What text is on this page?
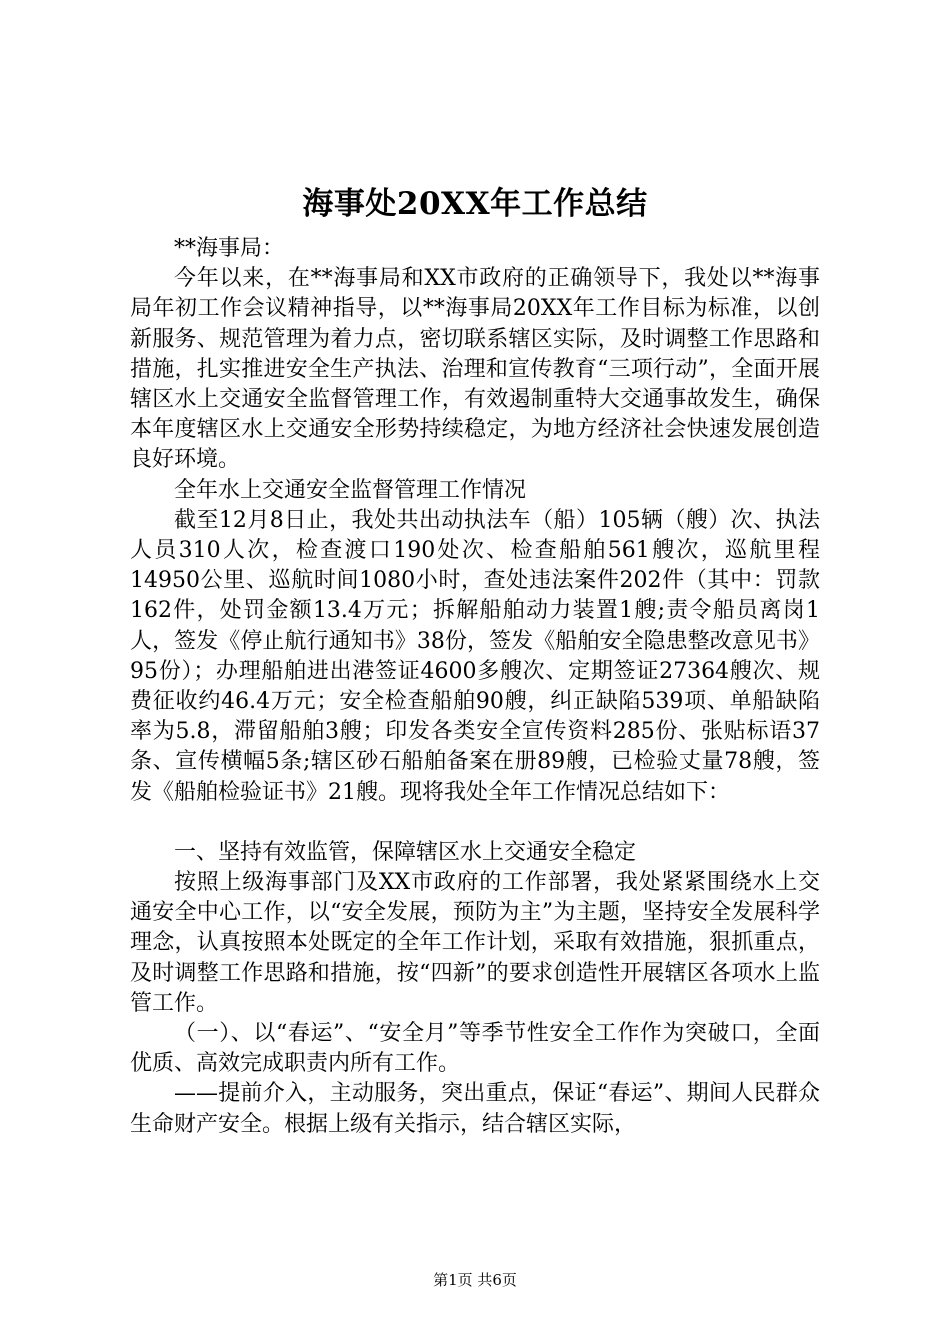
海事处20XX年工作总结

**海事局：

今年以来，在**海事局和XX市政府的正确领导下，我处以**海事局年初工作会议精神指导，以**海事局20XX年工作目标为标准，以创新服务、规范管理为着力点，密切联系辖区实际，及时调整工作思路和措施，扎实推进安全生产执法、治理和宣传教育“三项行动”，全面开展辖区水上交通安全监督管理工作，有效遏制重特大交通事故发生，确保本年度辖区水上交通安全形势持续稳定，为地方经济社会快速发展创造良好环境。

全年水上交通安全监督管理工作情况

截至12月8日止，我处共出动执法车（船）105辆（艘）次、执法人员310人次，检查渡口190处次、检查船舶561艘次，巡航里程14950公里、巡航时间1080小时，查处违法案件202件（其中：罚款162件，处罚金额13.4万元；拆解船舶动力装置1艘;责令船员离岗1人，签发《停止航行通知书》38份，签发《船舶安全隐患整改意见书》95份）；办理船舶进出港签证4600多艘次、定期签证27364艘次、规费征收约46.4万元；安全检查船舶90艘，纠正缺陷539项、单船缺陷率为5.8，滞留船舶3艘；印发各类安全宣传资料285份、张贴标语37条、宣传横幅5条;辖区砂石船舶备案在册89艘，已检验丈量78艘，签发《船舶检验证书》21艘。现将我处全年工作情况总结如下：

一、坚持有效监管，保障辖区水上交通安全稳定

按照上级海事部门及XX市政府的工作部署，我处紧紧围绕水上交通安全中心工作，以“安全发展，预防为主”为主题，坚持安全发展科学理念，认真按照本处既定的全年工作计划，采取有效措施，狠抓重点，及时调整工作思路和措施，按“四新”的要求创造性开展辖区各项水上监管工作。

（一）、以“春运”、“安全月”等季节性安全工作作为突破口，全面优质、高效完成职责内所有工作。

——提前介入，主动服务，突出重点，保证“春运”、期间人民群众生命财产安全。根据上级有关指示，结合辖区实际，

第1页 共6页
